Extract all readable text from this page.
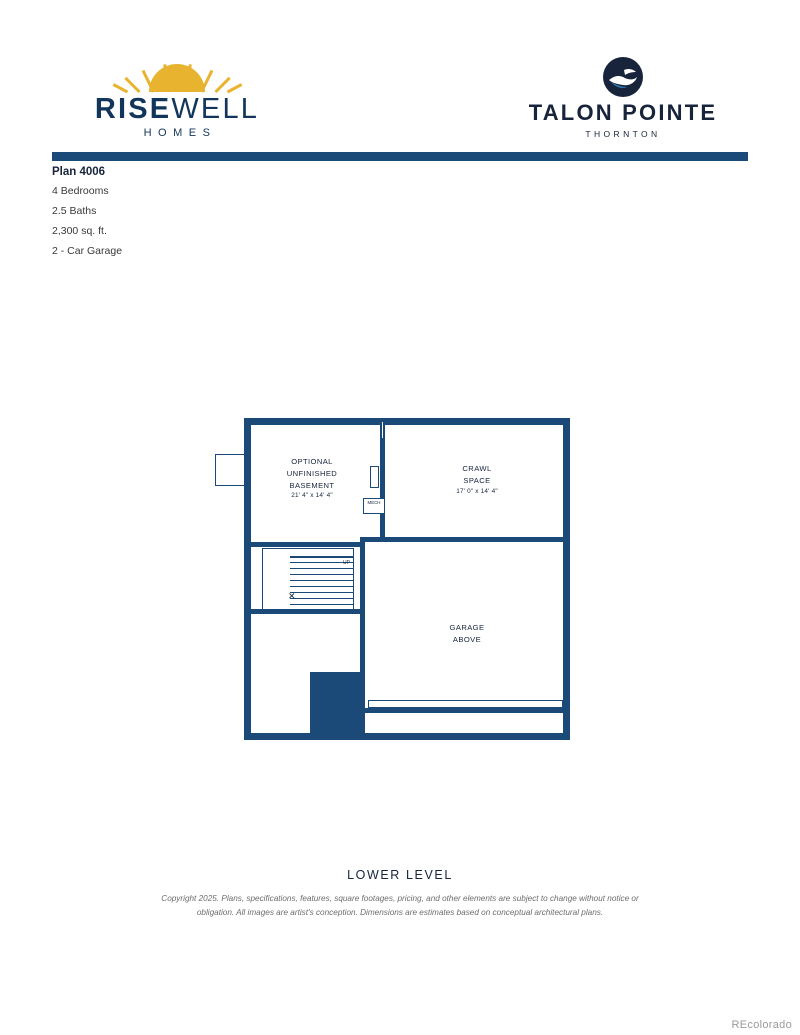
RISEWELL
HOMES
TALON POINTE
THORNTON
Plan 4006
4 Bedrooms
2.5 Baths
2,300 sq. ft.
2 - Car Garage
MECH
OPTIONAL
UNFINISHED
BASEMENT
21' 4" x 14' 4"
CRAWL
SPACE
17' 0" x 14' 4"
GARAGE
ABOVE
UP
✕
LOWER LEVEL
Copyright 2025. Plans, specifications, features, square footages, pricing, and other elements are subject to change without notice or
obligation. All images are artist's conception. Dimensions are estimates based on conceptual architectural plans.
REcolorado
